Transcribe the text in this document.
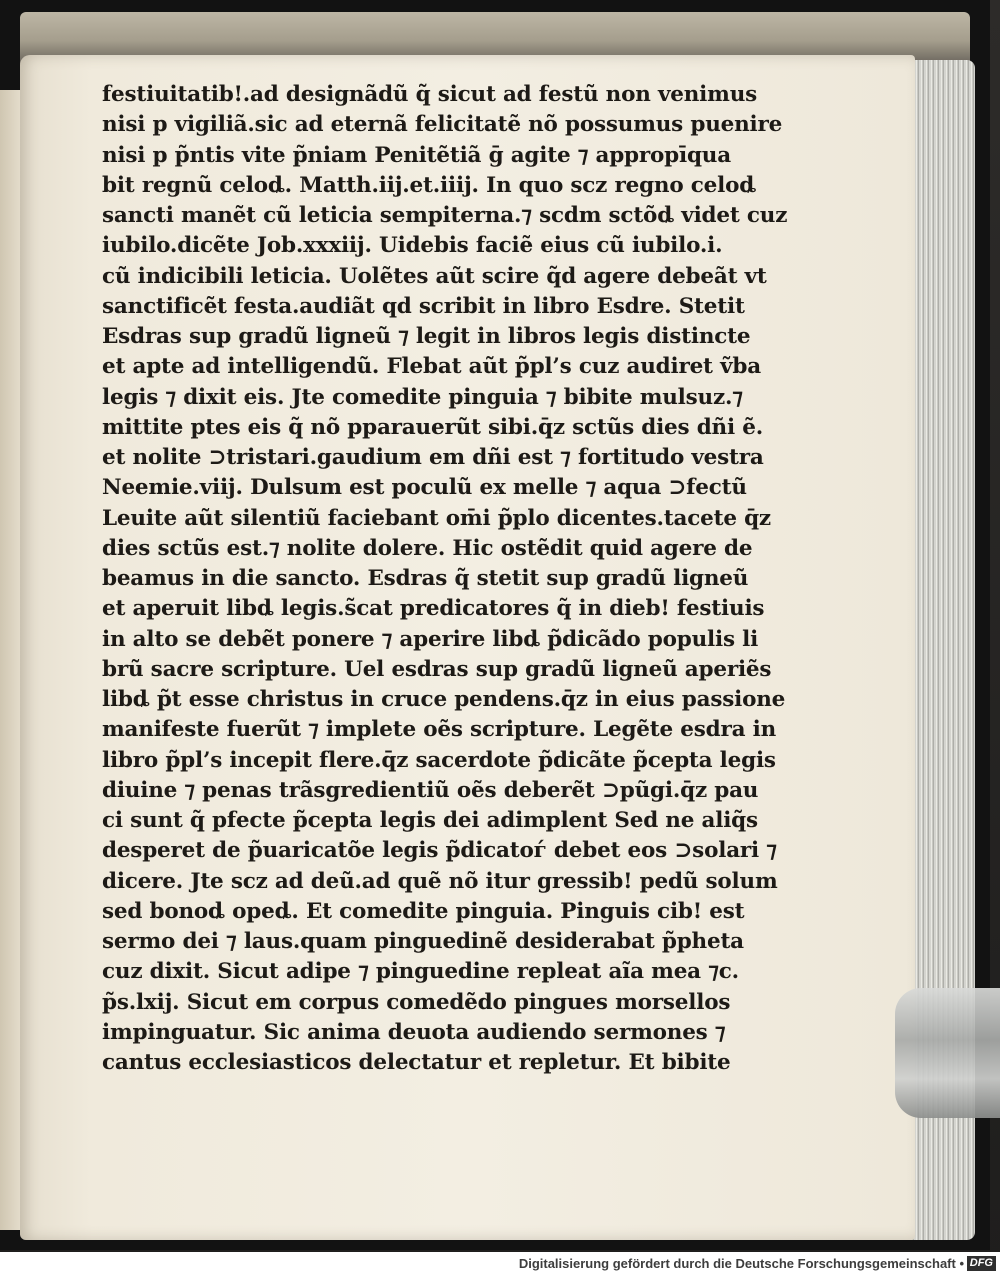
festiuitatib!.ad designãdũ q̃ sicut ad festũ non venimus
nisi p vigiliã.sic ad eternã felicitatẽ nõ possumus puenire
nisi p p̃ntis vite p̃niam Penitẽtiã ḡ agite ⁊ appropīqua
bit regnũ celoȡ. Matth.iij.et.iiij. In quo scz regno celoȡ
sancti manẽt cũ leticia sempiterna.⁊ scdm sctõȡ videt cuz
iubilo.dicẽte Job.xxxiij. Uidebis faciẽ eius cũ iubilo.i.
cũ indicibili leticia. Uolẽtes aũt scire q̃d agere debeãt vt
sanctificẽt festa.audiãt qd scribit in libro Esdre. Stetit
Esdras sup gradũ ligneũ ⁊ legit in libros legis distincte
et apte ad intelligendũ. Flebat aũt p̃pl’s cuz audiret ṽba
legis ⁊ dixit eis. Jte comedite pinguia ⁊ bibite mulsuz.⁊
mittite ptes eis q̃ nõ pparauerũt sibi.q̄z sctũs dies dñi ẽ.
et nolite ⊃tristari.gaudium em dñi est ⁊ fortitudo vestra
Neemie.viij. Dulsum est poculũ ex melle ⁊ aqua ⊃fectũ
Leuite aũt silentiũ faciebant om̄i p̃plo dicentes.tacete q̄z
dies sctũs est.⁊ nolite dolere. Hic ostẽdit quid agere de
beamus in die sancto. Esdras q̃ stetit sup gradũ ligneũ
et aperuit libȡ legis.s̃cat predicatores q̃ in dieb! festiuis
in alto se debẽt ponere ⁊ aperire libȡ p̃dicãdo populis li
brũ sacre scripture. Uel esdras sup gradũ ligneũ aperiẽs
libȡ p̃t esse christus in cruce pendens.q̄z in eius passione
manifeste fuerũt ⁊ implete oẽs scripture. Legẽte esdra in
libro p̃pl’s incepit flere.q̄z sacerdote p̃dicãte p̃cepta legis
diuine ⁊ penas trãsgredientiũ oẽs deberẽt ⊃pũgi.q̄z pau
ci sunt q̃ pfecte p̃cepta legis dei adimplent Sed ne aliq̃s
desperet de p̃uaricatõe legis p̃dicatoѓ debet eos ⊃solari ⁊
dicere. Jte scz ad deũ.ad quẽ nõ itur gressib! pedũ solum
sed bonoȡ opeȡ. Et comedite pinguia. Pinguis cib! est
sermo dei ⁊ laus.quam pinguedinẽ desiderabat p̃pheta
cuz dixit. Sicut adipe ⁊ pinguedine repleat aĩa mea ⁊c.
p̃s.lxij. Sicut em corpus comedẽdo pingues morsellos
impinguatur. Sic anima deuota audiendo sermones ⁊
cantus ecclesiasticos delectatur et repletur. Et bibite
Digitalisierung gefördert durch die Deutsche Forschungsgemeinschaft • DFG
